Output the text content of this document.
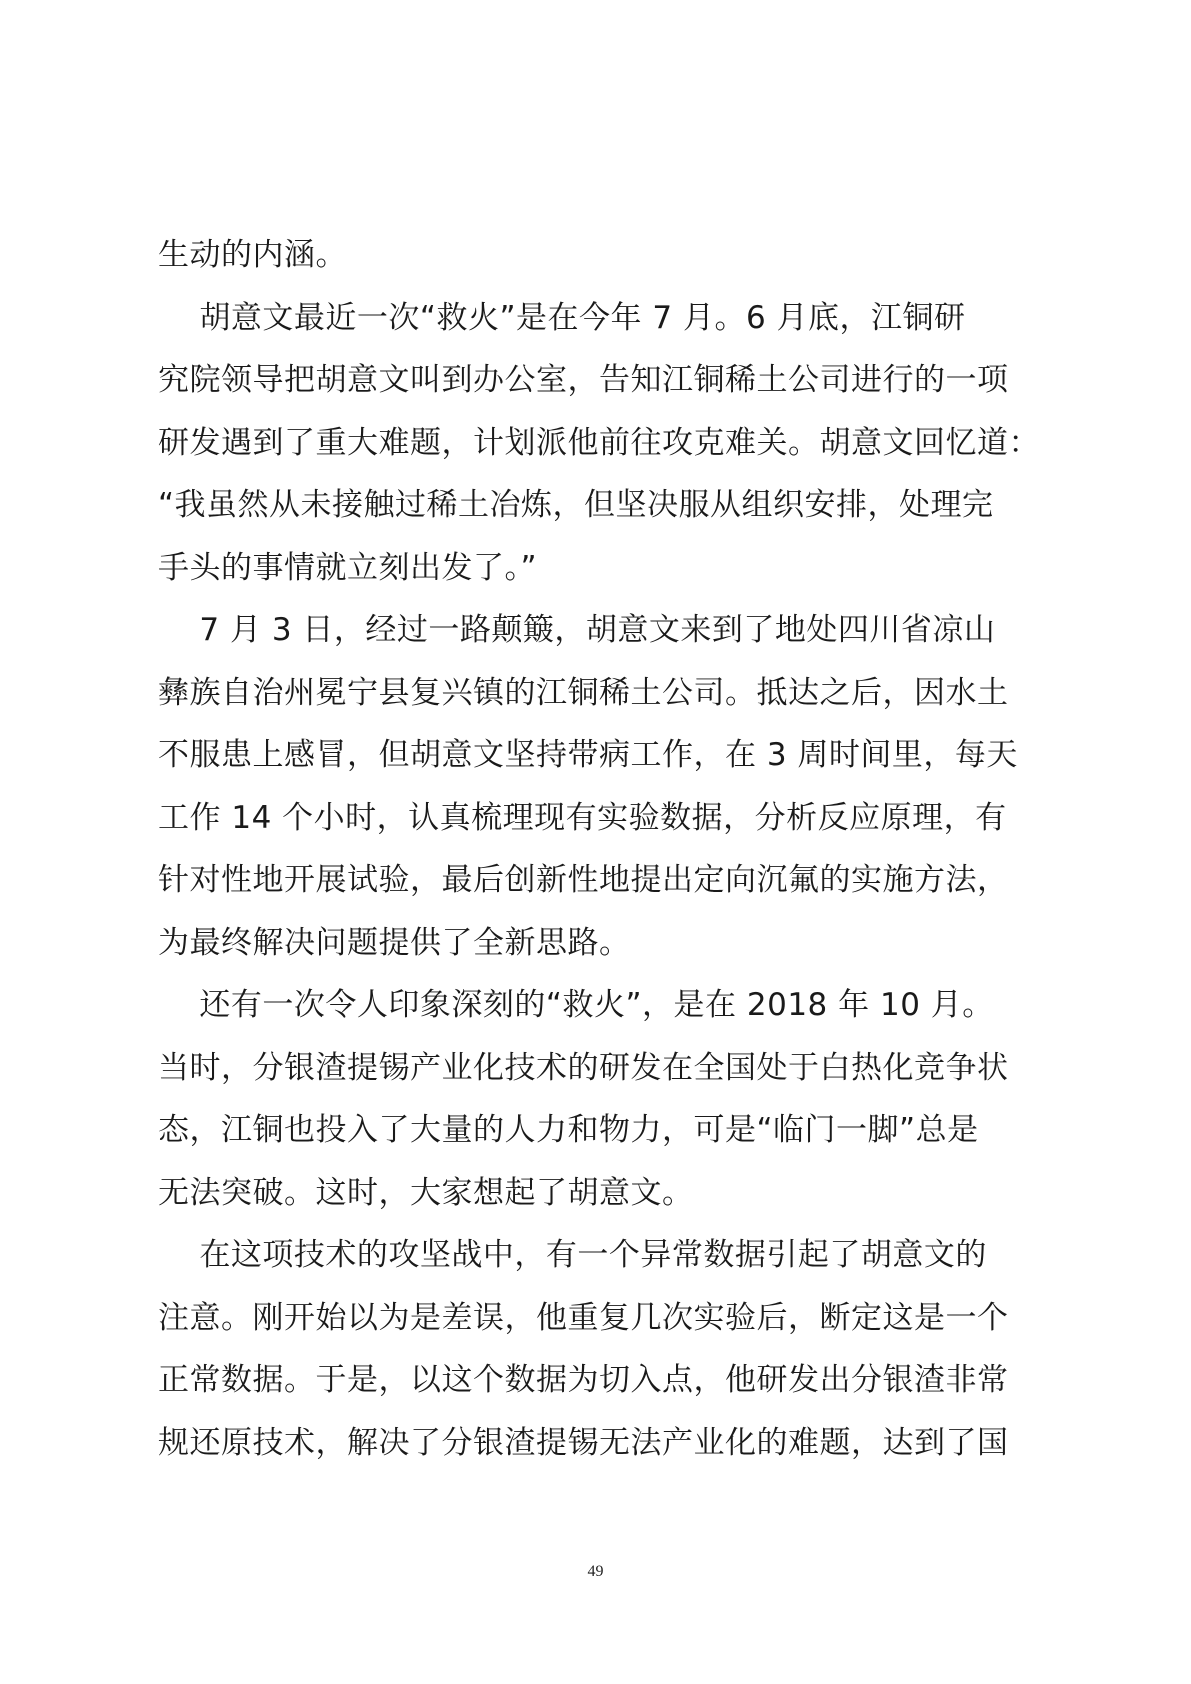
生动的内涵。
胡意文最近一次“救火”是在今年 7 月。6 月底，江铜研
究院领导把胡意文叫到办公室，告知江铜稀土公司进行的一项
研发遇到了重大难题，计划派他前往攻克难关。胡意文回忆道：
“我虽然从未接触过稀土冶炼，但坚决服从组织安排，处理完
手头的事情就立刻出发了。”
7 月 3 日，经过一路颠簸，胡意文来到了地处四川省凉山
彝族自治州冕宁县复兴镇的江铜稀土公司。抵达之后，因水土
不服患上感冒，但胡意文坚持带病工作，在 3 周时间里，每天
工作 14 个小时，认真梳理现有实验数据，分析反应原理，有
针对性地开展试验，最后创新性地提出定向沉氟的实施方法，
为最终解决问题提供了全新思路。
还有一次令人印象深刻的“救火”，是在 2018 年 10 月。
当时，分银渣提锡产业化技术的研发在全国处于白热化竞争状
态，江铜也投入了大量的人力和物力，可是“临门一脚”总是
无法突破。这时，大家想起了胡意文。
在这项技术的攻坚战中，有一个异常数据引起了胡意文的
注意。刚开始以为是差误，他重复几次实验后，断定这是一个
正常数据。于是，以这个数据为切入点，他研发出分银渣非常
规还原技术，解决了分银渣提锡无法产业化的难题，达到了国
49
